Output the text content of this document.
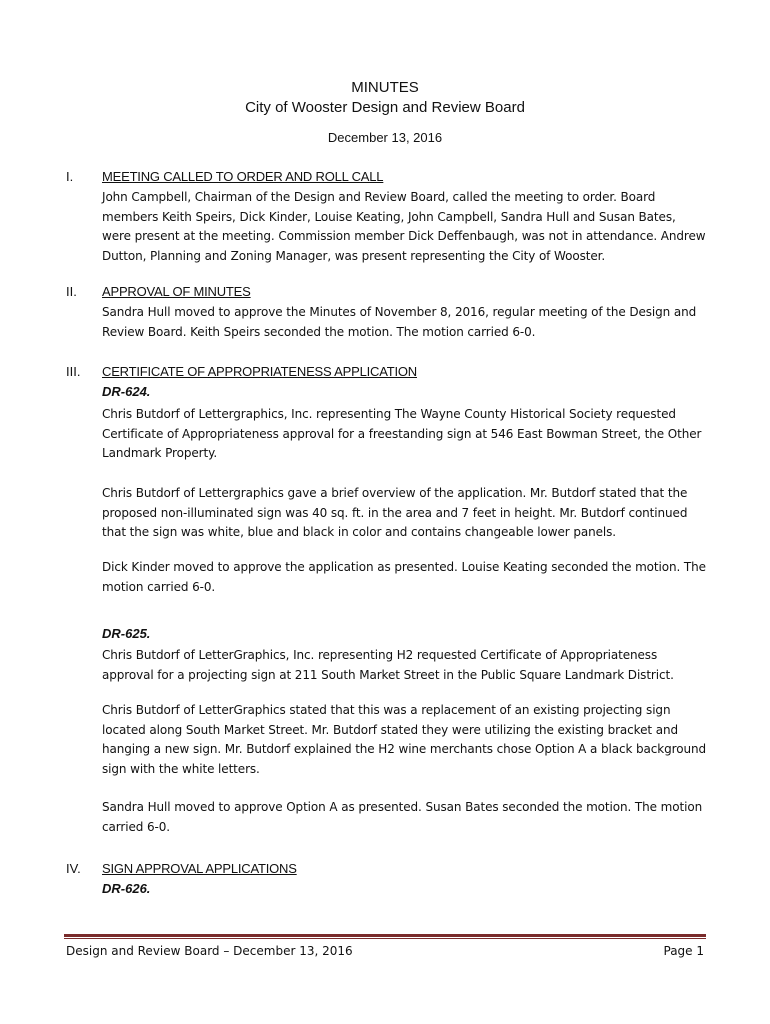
MINUTES
City of Wooster Design and Review Board
December 13, 2016
I.	MEETING CALLED TO ORDER AND ROLL CALL

John Campbell, Chairman of the Design and Review Board, called the meeting to order. Board members Keith Speirs, Dick Kinder, Louise Keating, John Campbell, Sandra Hull and Susan Bates, were present at the meeting. Commission member Dick Deffenbaugh, was not in attendance. Andrew Dutton, Planning and Zoning Manager, was present representing the City of Wooster.

II.	APPROVAL OF MINUTES

Sandra Hull moved to approve the Minutes of November 8, 2016, regular meeting of the Design and Review Board. Keith Speirs seconded the motion. The motion carried 6-0.

III.	CERTIFICATE OF APPROPRIATENESS APPLICATION
DR-624.

Chris Butdorf of Lettergraphics, Inc. representing The Wayne County Historical Society requested Certificate of Appropriateness approval for a freestanding sign at 546 East Bowman Street, the Other Landmark Property.

Chris Butdorf of Lettergraphics gave a brief overview of the application. Mr. Butdorf stated that the proposed non-illuminated sign was 40 sq. ft. in the area and 7 feet in height. Mr. Butdorf continued that the sign was white, blue and black in color and contains changeable lower panels.

Dick Kinder moved to approve the application as presented. Louise Keating seconded the motion. The motion carried 6-0.

DR-625.

Chris Butdorf of LetterGraphics, Inc. representing H2 requested Certificate of Appropriateness approval for a projecting sign at 211 South Market Street in the Public Square Landmark District.

Chris Butdorf of LetterGraphics stated that this was a replacement of an existing projecting sign located along South Market Street. Mr. Butdorf stated they were utilizing the existing bracket and hanging a new sign. Mr. Butdorf explained the H2 wine merchants chose Option A a black background sign with the white letters.

Sandra Hull moved to approve Option A as presented. Susan Bates seconded the motion. The motion carried 6-0.

IV.	SIGN APPROVAL APPLICATIONS
DR-626.
Design and Review Board – December 13, 2016	Page 1
